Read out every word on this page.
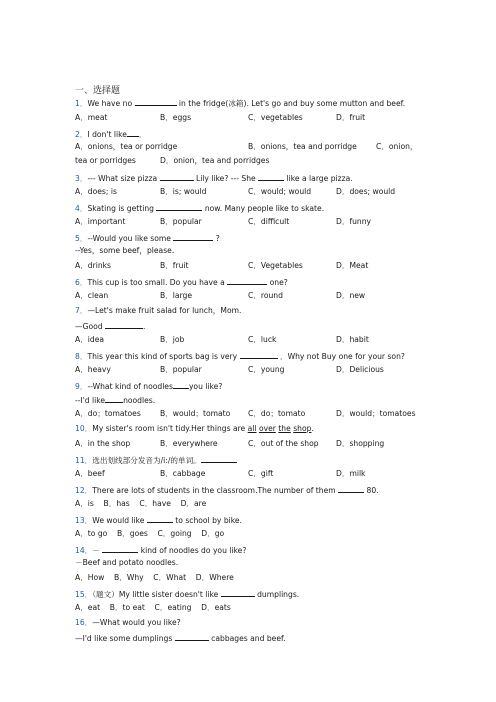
一、选择题
1．We have no	in the fridge(冰箱). Let's go and buy some mutton and beef.
A．meat	B．eggs	C．vegetables	D．fruit
2．I don't like ．
A．onions，tea or porridge	B．onions，tea and porridge	C．onion，
tea or porridges	D．onion，tea and porridges
3．--- What size pizza	Lily like? --- She	like a large pizza.
A．does; is	B．is; would	C．would; would	D．does; would
4．Skating is getting	now. Many people like to skate.
A．important	B．popular	C．difficult	D．funny
5．--Would you like some	?
--Yes，some beef，please.
A．drinks	B．fruit	C．Vegetables	D．Meat
6．This cup is too small. Do you have a	one?
A．clean	B．large	C．round	D．new
7．—Let's make fruit salad for lunch，Mom.
—Good	.
A．idea	B．job	C．luck	D．habit
8．This year this kind of sports bag is very	．Why not Buy one for your son?
A．heavy	B．popular	C．young	D．Delicious
9．--What kind of noodles you like?
--I'd like noodles.
A．do；tomatoes	B．would；tomato C．do；tomato	D．would；tomatoes
10．My sister's room isn't tidy.Her things are all over the shop.
A．in the shop	B．everywhere	C．out of the shop D．shopping
11．选出划线部分发音为/i:/的单词。
A．beef	B．cabbage	C．gift	D．milk
12．There are lots of students in the classroom.The number of them	80.
A．is    B．has    C．have    D．are
13．We would like	to school by bike.
A．to go    B．goes    C．going    D．go
14．－	kind of noodles do you like?
－Beef and potato noodles.
A．How    B．Why    C．What    D．Where
15．（题文）My little sister doesn't like	dumplings.
A．eat    B．to eat    C．eating    D．eats
16．—What would you like?
—I'd like some dumplings	cabbages and beef.
